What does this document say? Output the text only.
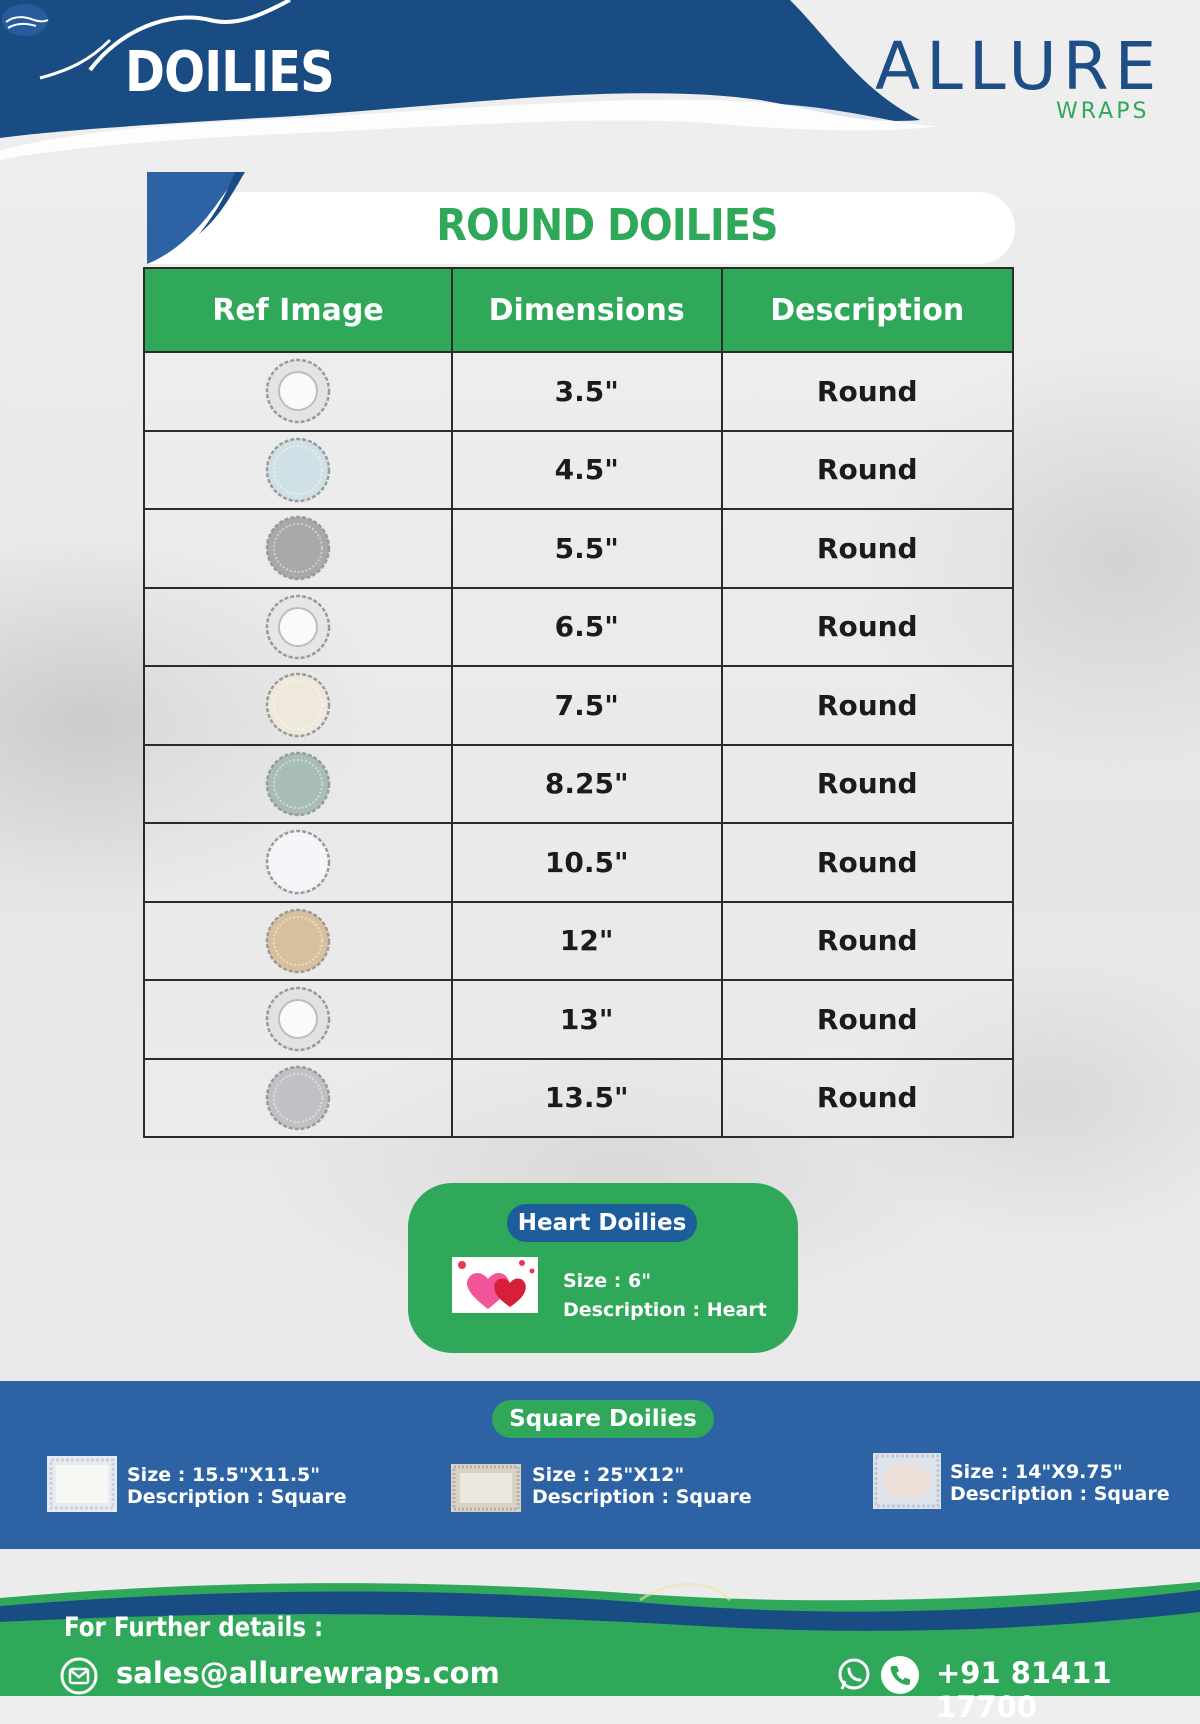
DOILIES	ALLURE
WRAPS
ROUND DOILIES
Ref Image	Dimensions	Description

	3.5"	Round

	4.5"	Round

	5.5"	Round

	6.5"	Round

	7.5"	Round

	8.25"	Round

	10.5"	Round

	12"	Round

	13"	Round

	13.5"	Round
Heart Doilies
Size : 6"
Description : Heart
Square Doilies
Size : 15.5"X11.5"
Description : Square
Size : 25"X12"
Description : Square
Size : 14"X9.75"
Description : Square
For Further details :
sales@allurewraps.com	+91 81411 17700
